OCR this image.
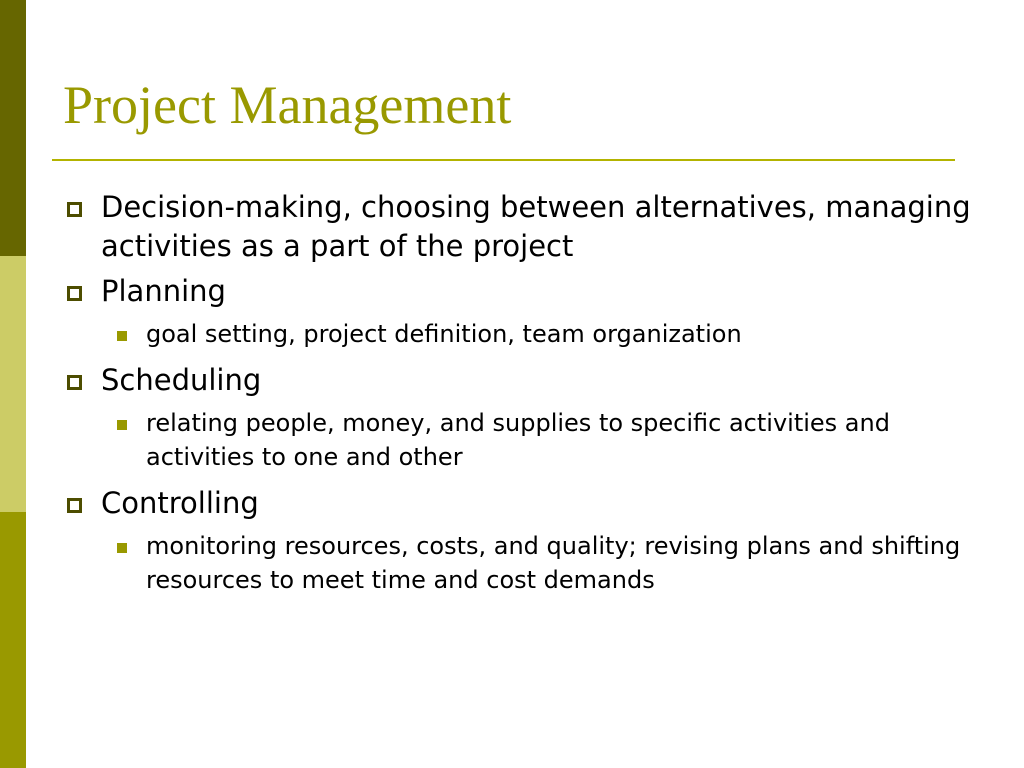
Project Management
Decision-making, choosing between alternatives, managing activities as a part of the project
Planning
goal setting, project definition, team organization
Scheduling
relating people, money, and supplies to specific activities and activities to one and other
Controlling
monitoring resources, costs, and quality; revising plans and shifting resources to meet time and cost demands
